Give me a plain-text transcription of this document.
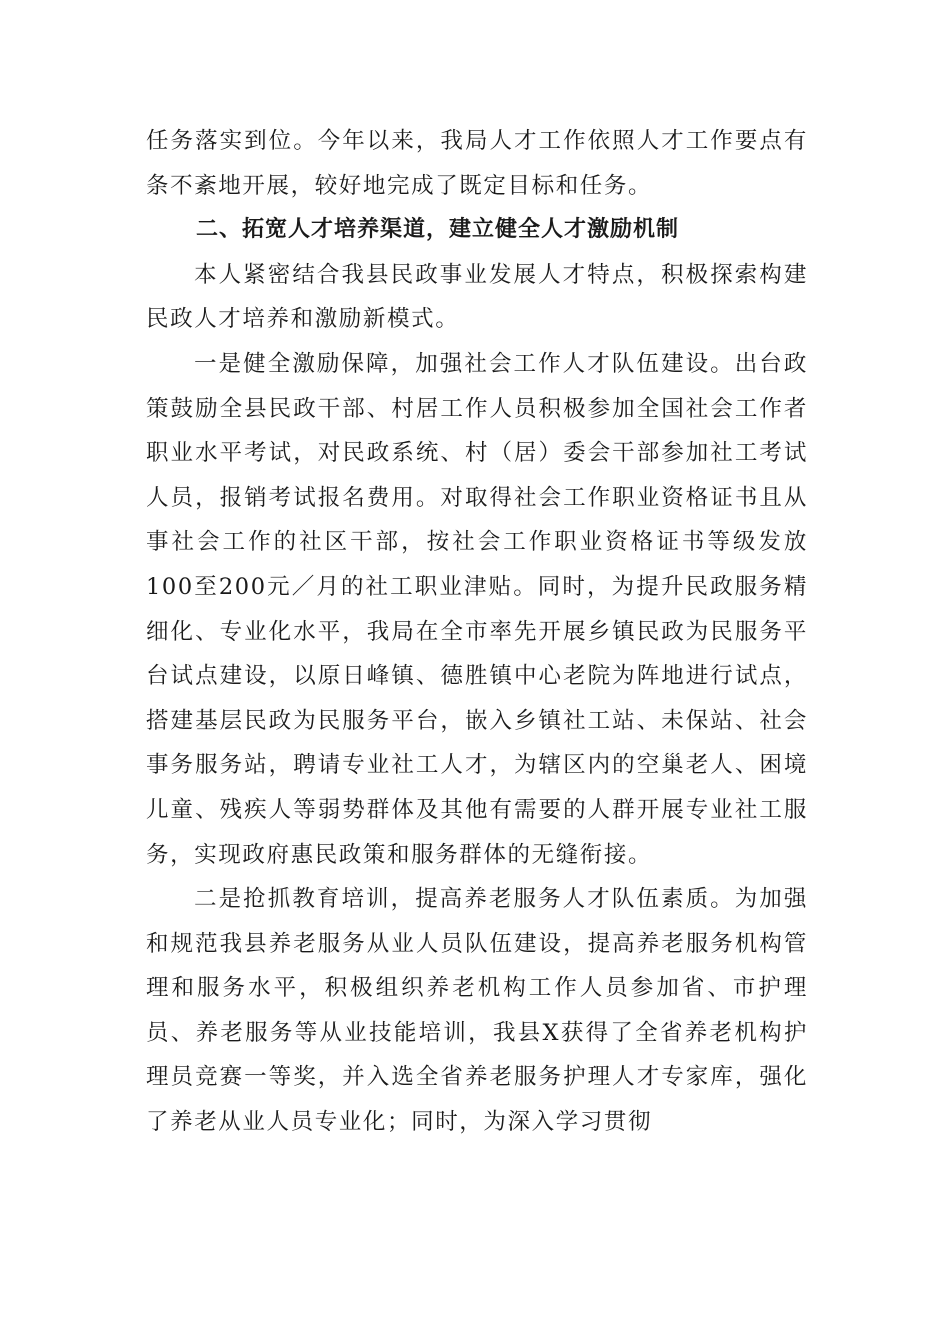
任务落实到位。今年以来，我局人才工作依照人才工作要点有条不紊地开展，较好地完成了既定目标和任务。

二、拓宽人才培养渠道，建立健全人才激励机制

本人紧密结合我县民政事业发展人才特点，积极探索构建民政人才培养和激励新模式。

一是健全激励保障，加强社会工作人才队伍建设。出台政策鼓励全县民政干部、村居工作人员积极参加全国社会工作者职业水平考试，对民政系统、村（居）委会干部参加社工考试人员，报销考试报名费用。对取得社会工作职业资格证书且从事社会工作的社区干部，按社会工作职业资格证书等级发放100至200元／月的社工职业津贴。同时，为提升民政服务精细化、专业化水平，我局在全市率先开展乡镇民政为民服务平台试点建设，以原日峰镇、德胜镇中心老院为阵地进行试点，搭建基层民政为民服务平台，嵌入乡镇社工站、未保站、社会事务服务站，聘请专业社工人才，为辖区内的空巢老人、困境儿童、残疾人等弱势群体及其他有需要的人群开展专业社工服务，实现政府惠民政策和服务群体的无缝衔接。

二是抢抓教育培训，提高养老服务人才队伍素质。为加强和规范我县养老服务从业人员队伍建设，提高养老服务机构管理和服务水平，积极组织养老机构工作人员参加省、市护理员、养老服务等从业技能培训，我县X获得了全省养老机构护理员竞赛一等奖，并入选全省养老服务护理人才专家库，强化了养老从业人员专业化；同时，为深入学习贯彻
